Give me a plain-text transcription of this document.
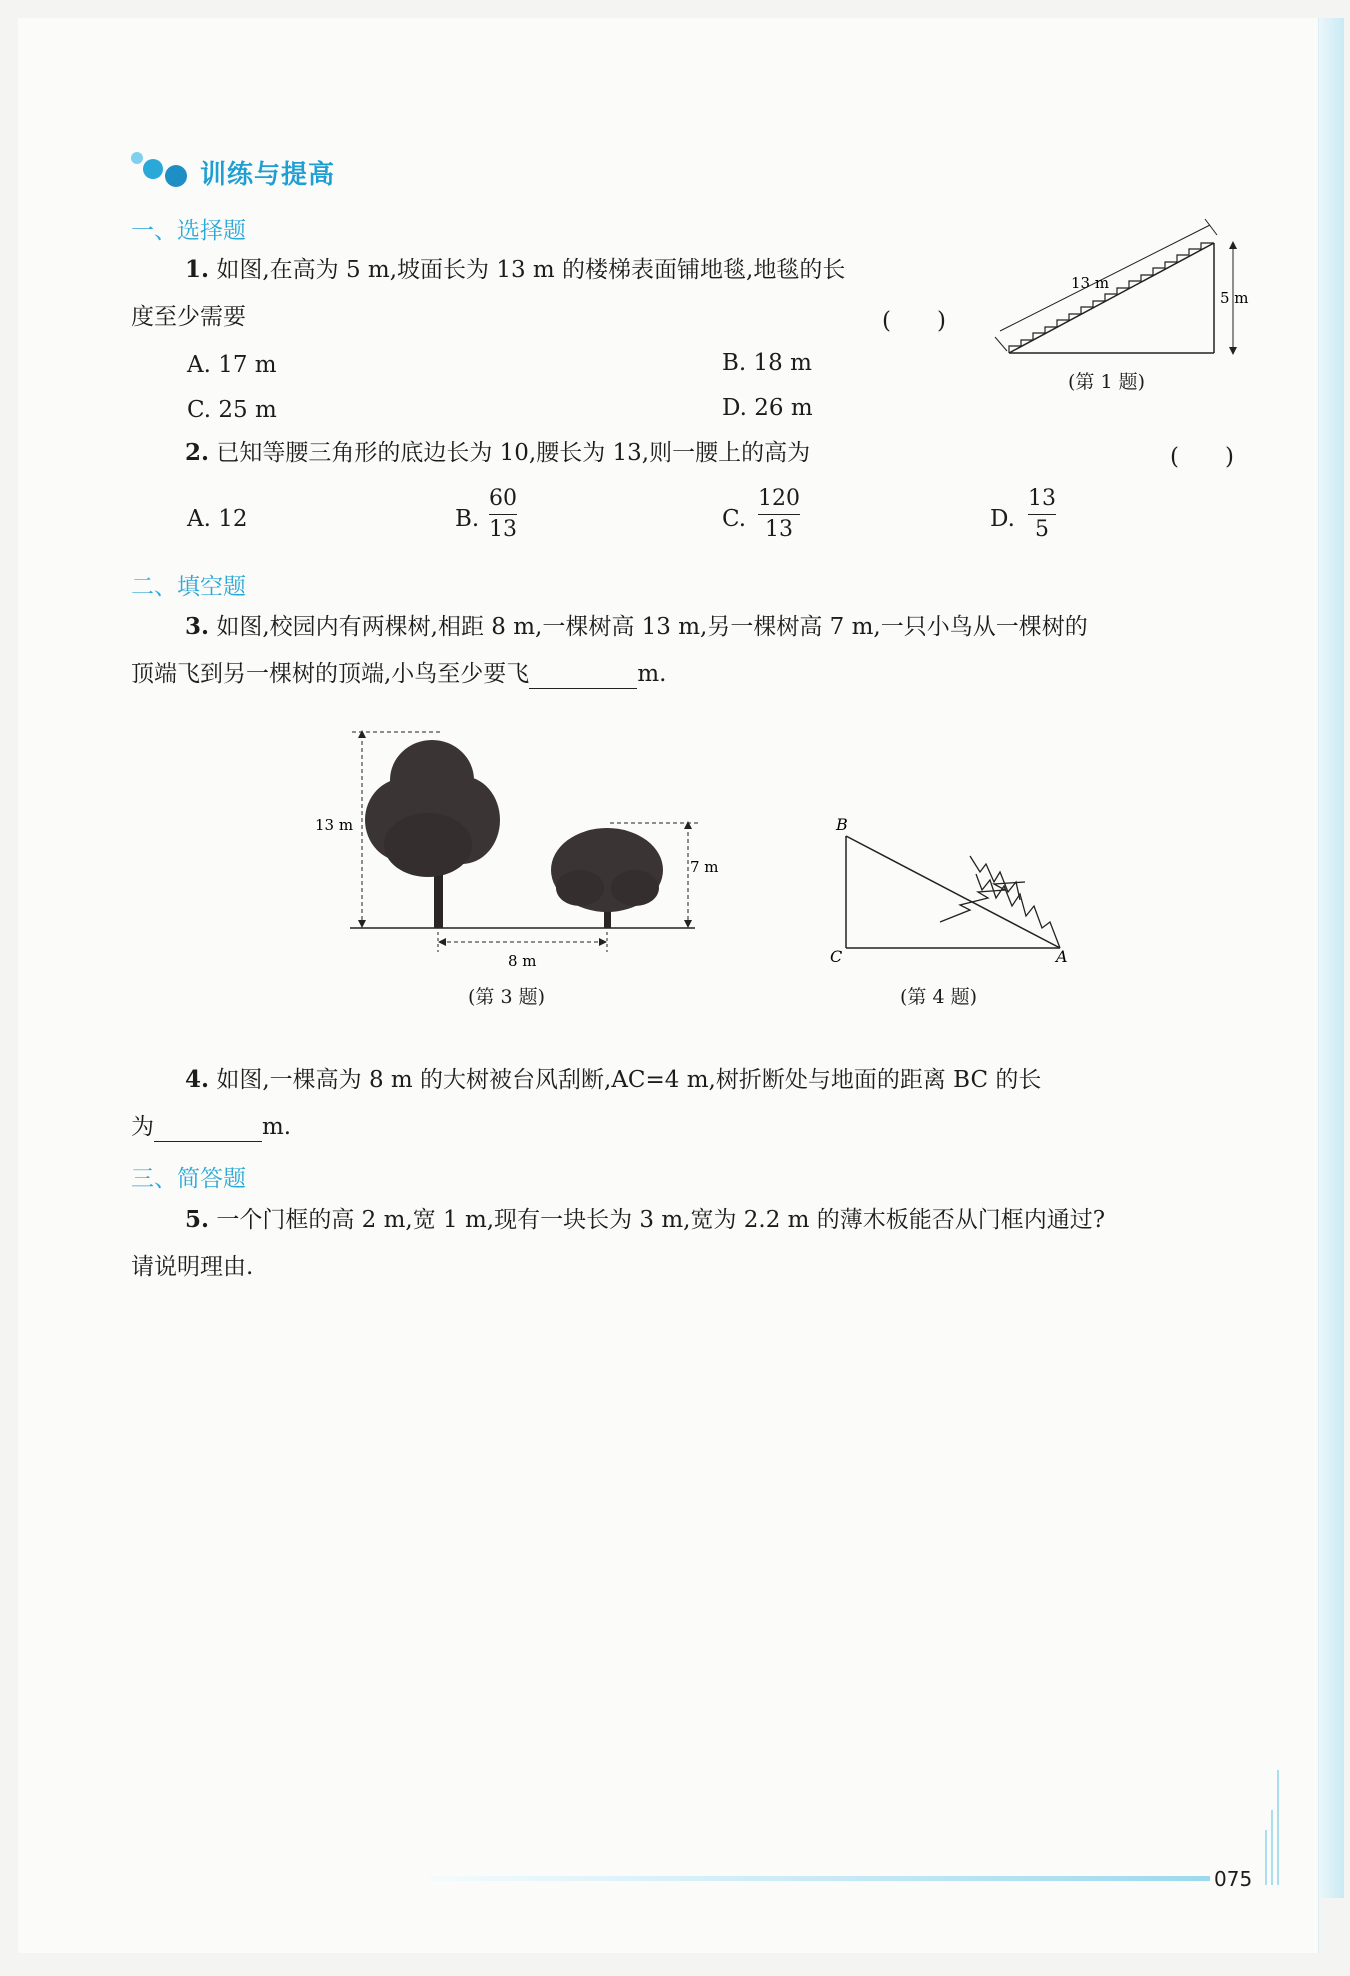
训练与提高
一、选择题
1. 如图,在高为 5 m,坡面长为 13 m 的楼梯表面铺地毯,地毯的长
度至少需要	(　　)
A. 17 m	B. 18 m
C. 25 m	D. 26 m
13 m
5 m
(第 1 题)
2. 已知等腰三角形的底边长为 10,腰长为 13,则一腰上的高为	(　　)
A. 12	B.
60
13	C.
120
13	D.
13
5
二、填空题
3. 如图,校园内有两棵树,相距 8 m,一棵树高 13 m,另一棵树高 7 m,一只小鸟从一棵树的
顶端飞到另一棵树的顶端,小鸟至少要飞	m.
13 m
7 m
8 m
(第 3 题)
B
C	A
(第 4 题)
4. 如图,一棵高为 8 m 的大树被台风刮断,AC=4 m,树折断处与地面的距离 BC 的长
为	m.
三、简答题
5. 一个门框的高 2 m,宽 1 m,现有一块长为 3 m,宽为 2.2 m 的薄木板能否从门框内通过?
请说明理由.
075
